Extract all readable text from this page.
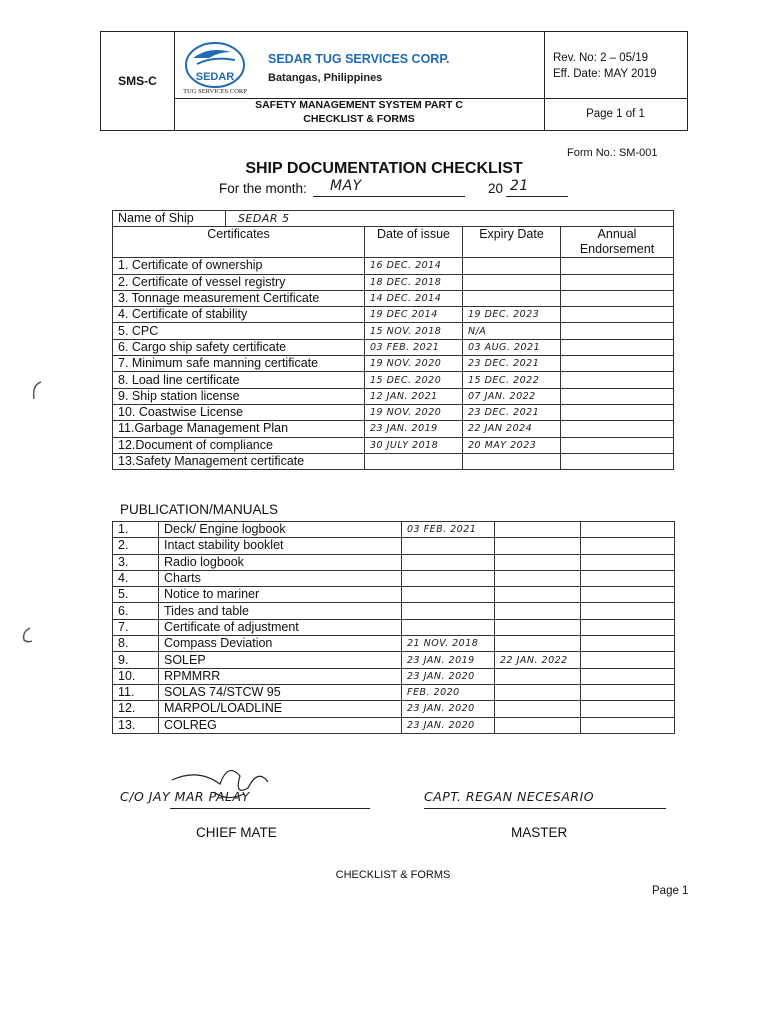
SMS-C	SEDAR
TUG SERVICES CORP
SEDAR TUG SERVICES CORP.
Batangas, Philippines
Rev. No: 2 – 05/19
Eff. Date: MAY 2019
SAFETY MANAGEMENT SYSTEM PART C
CHECKLIST & FORMS	Page 1 of 1
Form No.: SM-001
SHIP DOCUMENTATION CHECKLIST
For the month: MAY	20 21
Name of Ship	SEDAR 5			
Certificates		Date of issue	Expiry Date	Annual Endorsement
1. Certificate of ownership		16 DEC. 2014		
2. Certificate of vessel registry		18 DEC. 2018		
3. Tonnage measurement Certificate		14 DEC. 2014		
4. Certificate of stability		19 DEC 2014	19 DEC. 2023	
5. CPC		15 NOV. 2018	N/A	
6. Cargo ship safety certificate		03 FEB. 2021	03 AUG. 2021	
7. Minimum safe manning certificate		19 NOV. 2020	23 DEC. 2021	
8. Load line certificate		15 DEC. 2020	15 DEC. 2022	
9. Ship station license		12 JAN. 2021	07 JAN. 2022	
10. Coastwise License		19 NOV. 2020	23 DEC. 2021	
11.Garbage Management Plan		23 JAN. 2019	22 JAN 2024	
12.Document of compliance		30 JULY 2018	20 MAY 2023	
13.Safety Management certificate				
PUBLICATION/MANUALS
1.	Deck/ Engine logbook	03 FEB. 2021		
2.	Intact stability booklet			
3.	Radio logbook			
4.	Charts			
5.	Notice to mariner			
6.	Tides and table			
7.	Certificate of adjustment			
8.	Compass Deviation	21 NOV. 2018		
9.	SOLEP	23 JAN. 2019	22 JAN. 2022	
10.	RPMMRR	23 JAN. 2020		
11.	SOLAS 74/STCW 95	FEB. 2020		
12.	MARPOL/LOADLINE	23 JAN. 2020		
13.	COLREG	23 JAN. 2020		
C/O JAY MAR PALAY	CAPT. REGAN NECESARIO
CHIEF MATE	MASTER
CHECKLIST & FORMS
Page 1
